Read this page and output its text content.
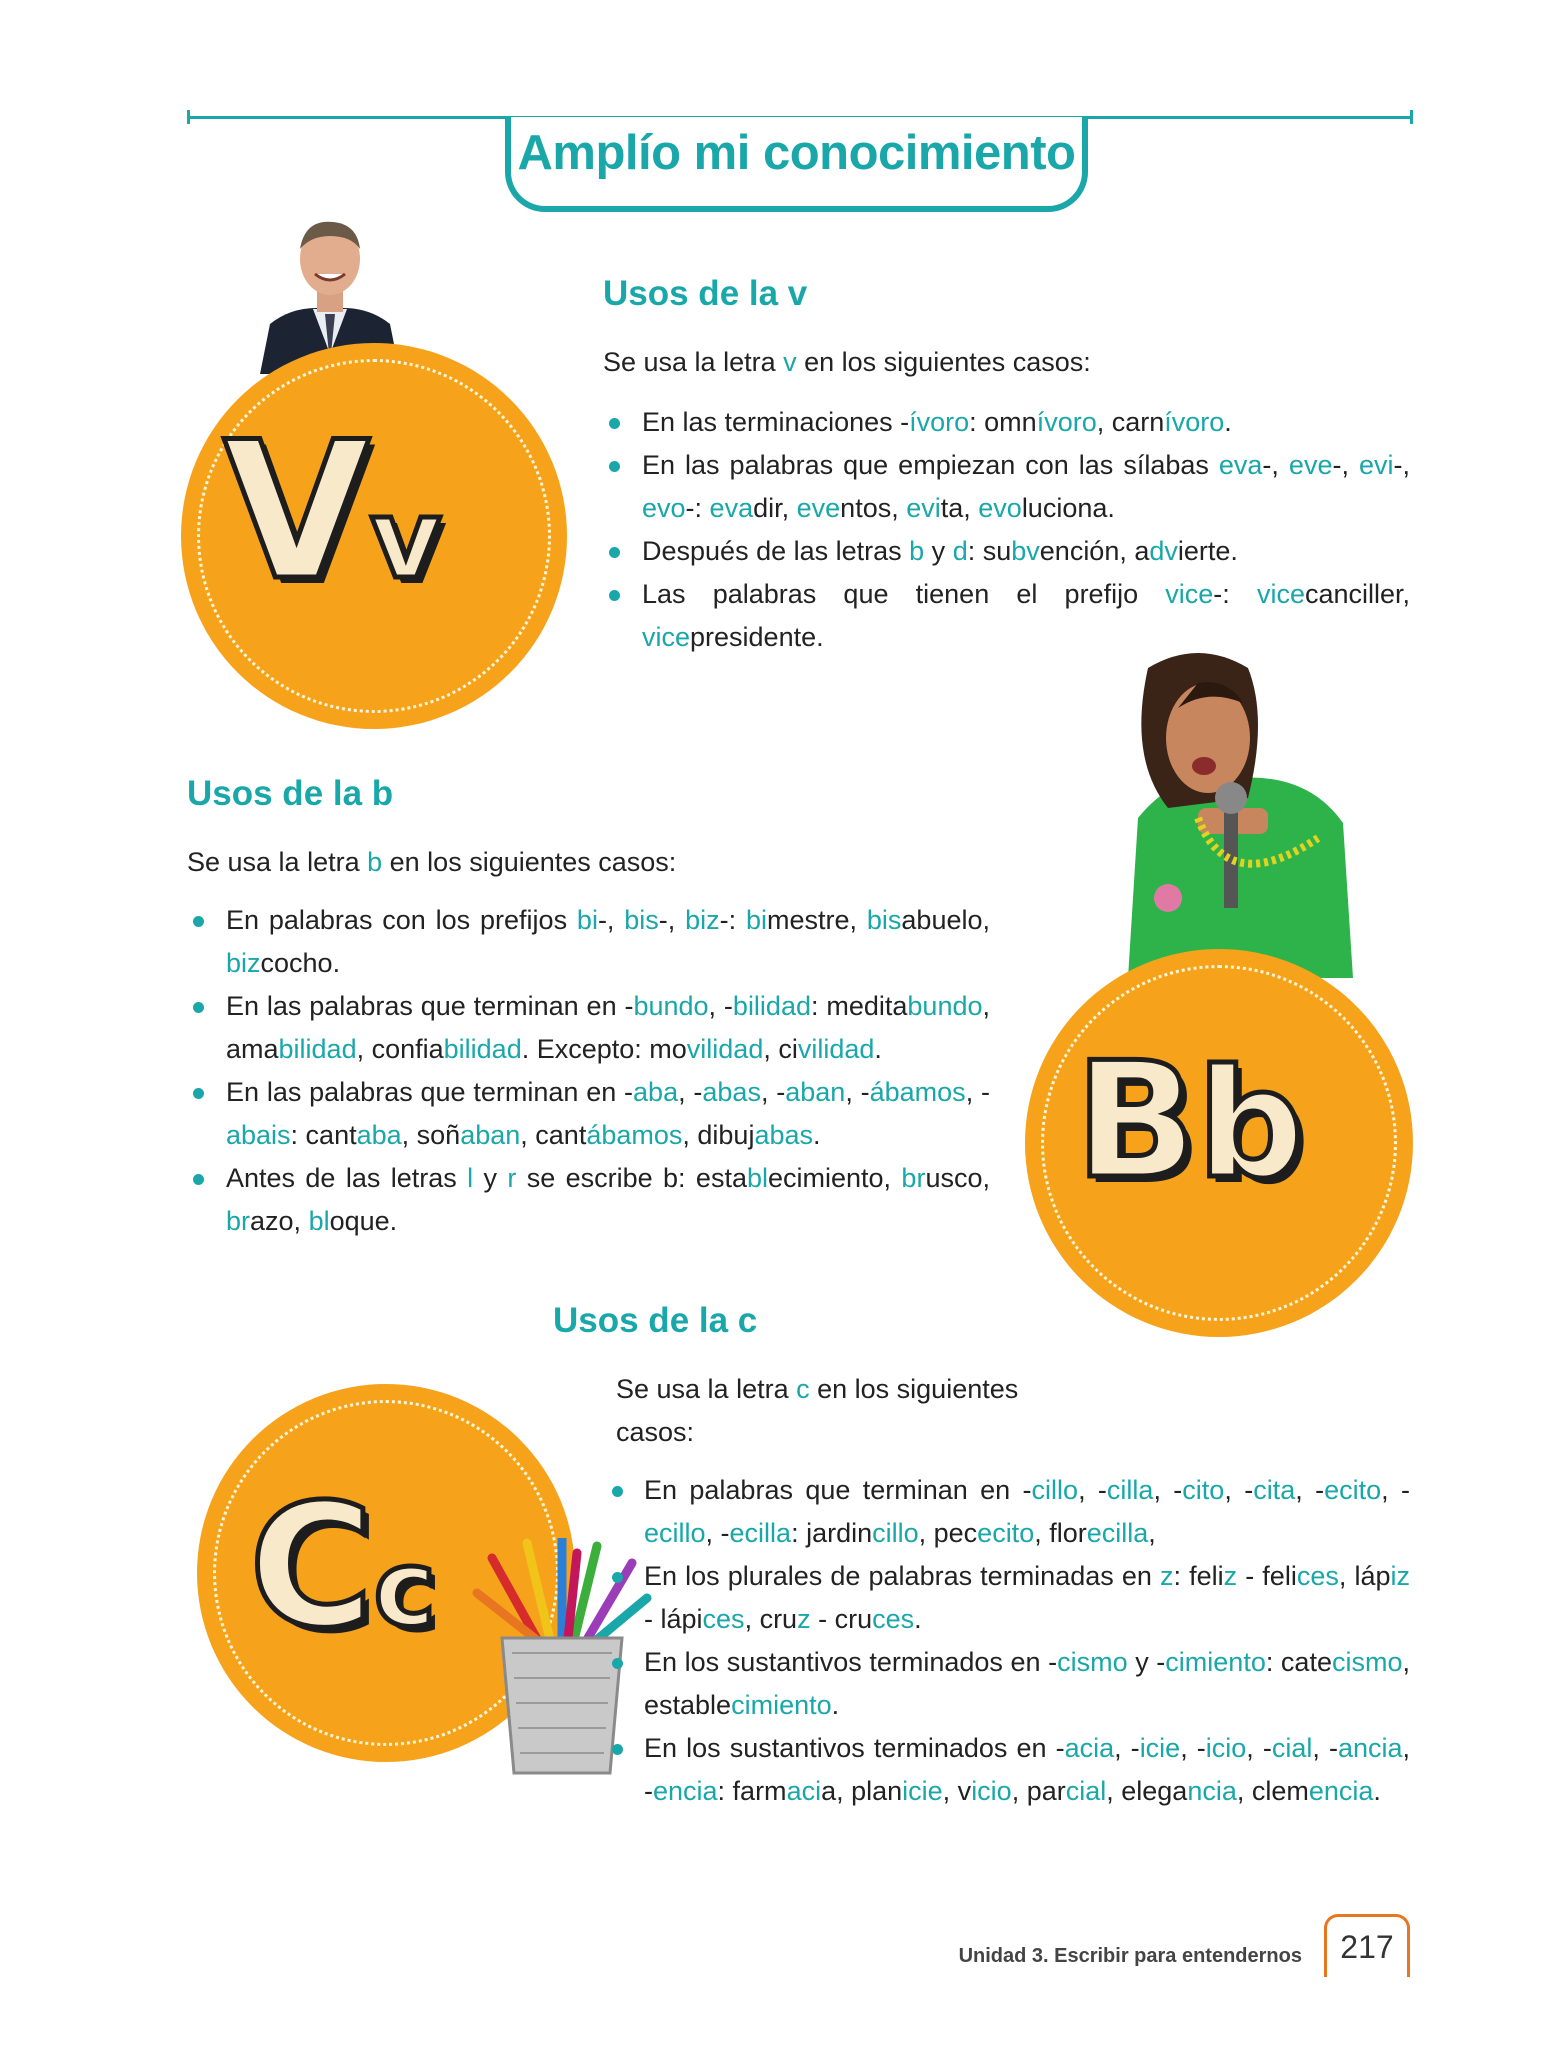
Amplío mi conocimiento
Vv
Usos de la v
Se usa la letra v en los siguientes casos:
En las terminaciones -ívoro: omnívoro, carnívoro.
En las palabras que empiezan con las sílabas eva-, eve-, evi-, evo-: evadir, eventos, evita, evoluciona.
Después de las letras b y d: subvención, advierte.
Las palabras que tienen el prefijo vice-: vicecanciller, vicepresidente.
Usos de la b
Se usa la letra b en los siguientes casos:
En palabras con los prefijos bi-, bis-, biz-: bimestre, bisabuelo, bizcocho.
En las palabras que terminan en -bundo, -bilidad: meditabundo, amabilidad, confiabilidad. Excepto: movilidad, civilidad.
En las palabras que terminan en -aba, -abas, -aban, -ábamos, -abais: cantaba, soñaban, cantábamos, dibujabas.
Antes de las letras l y r se escribe b: establecimiento, brusco, brazo, bloque.
Bb
Cc
Usos de la c
Se usa la letra c en los siguientes casos:
En palabras que terminan en -cillo, -cilla, -cito, -cita, -ecito, -ecillo, -ecilla: jardincillo, pececito, florecilla,
En los plurales de palabras terminadas en z: feliz - felices, lápiz - lápices, cruz - cruces.
En los sustantivos terminados en -cismo y -cimiento: catecismo, establеcimiento.
En los sustantivos terminados en -acia, -icie, -icio, -cial, -ancia, -encia: farmacia, planicie, vicio, parcial, elegancia, clemencia.
Unidad 3. Escribir para entendernos	217
